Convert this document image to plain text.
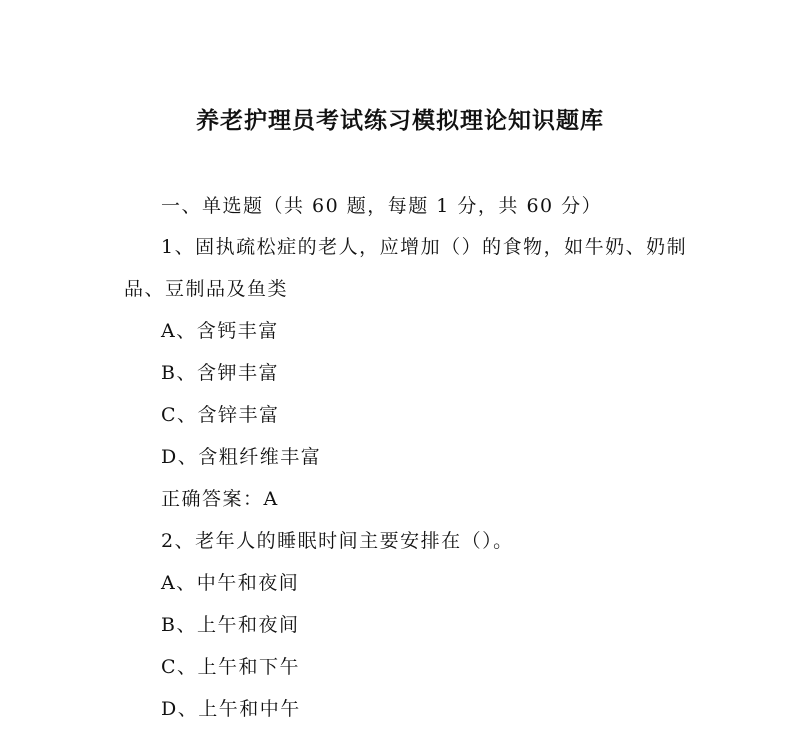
养老护理员考试练习模拟理论知识题库
一、单选题（共 60 题，每题 1 分，共 60 分）
1、固执疏松症的老人，应增加（）的食物，如牛奶、奶制
品、豆制品及鱼类
A、含钙丰富
B、含钾丰富
C、含锌丰富
D、含粗纤维丰富
正确答案：A
2、老年人的睡眠时间主要安排在（）。
A、中午和夜间
B、上午和夜间
C、上午和下午
D、上午和中午
